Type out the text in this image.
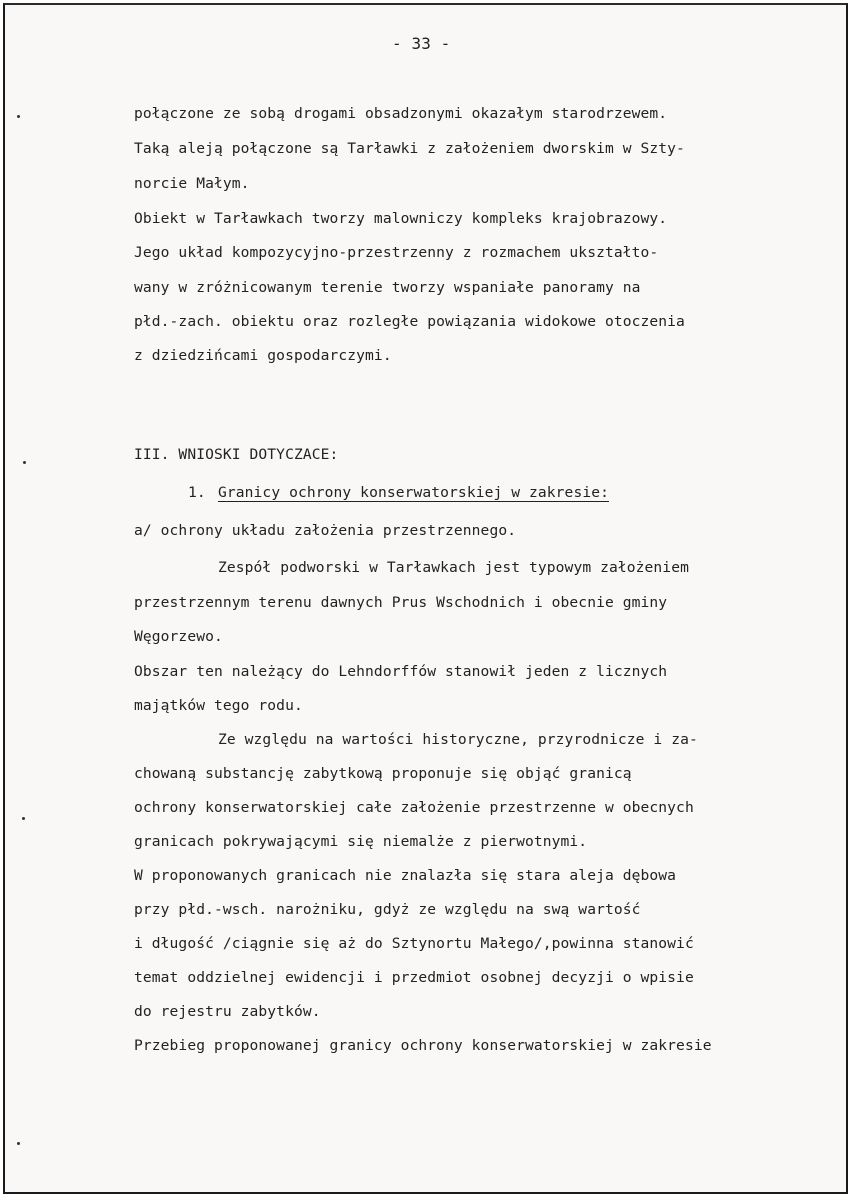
- 33 -
połączone ze sobą drogami obsadzonymi okazałym starodrzewem.
Taką aleją połączone są Tarławki z założeniem dworskim w Szty-
norcie Małym.
Obiekt w Tarławkach tworzy malowniczy kompleks krajobrazowy.
Jego układ kompozycyjno-przestrzenny z rozmachem ukształto-
wany w zróżnicowanym terenie tworzy wspaniałe panoramy na
płd.-zach. obiektu oraz rozległe powiązania widokowe otoczenia
z dziedzińcami gospodarczymi.
III. WNIOSKI DOTYCZACE:
1. Granicy ochrony konserwatorskiej w zakresie:
a/ ochrony układu założenia przestrzennego.
Zespół podworski w Tarławkach jest typowym założeniem
przestrzennym terenu dawnych Prus Wschodnich i obecnie gminy
Węgorzewo.
Obszar ten należący do Lehndorffów stanowił jeden z licznych
majątków tego rodu.
Ze względu na wartości historyczne, przyrodnicze i za-
chowaną substancję zabytkową proponuje się objąć granicą
ochrony konserwatorskiej całe założenie przestrzenne w obecnych
granicach pokrywającymi się niemalże z pierwotnymi.
W proponowanych granicach nie znalazła się stara aleja dębowa
przy płd.-wsch. narożniku, gdyż ze względu na swą wartość
i długość /ciągnie się aż do Sztynortu Małego/,powinna stanowić
temat oddzielnej ewidencji i przedmiot osobnej decyzji o wpisie
do rejestru zabytków.
Przebieg proponowanej granicy ochrony konserwatorskiej w zakresie
